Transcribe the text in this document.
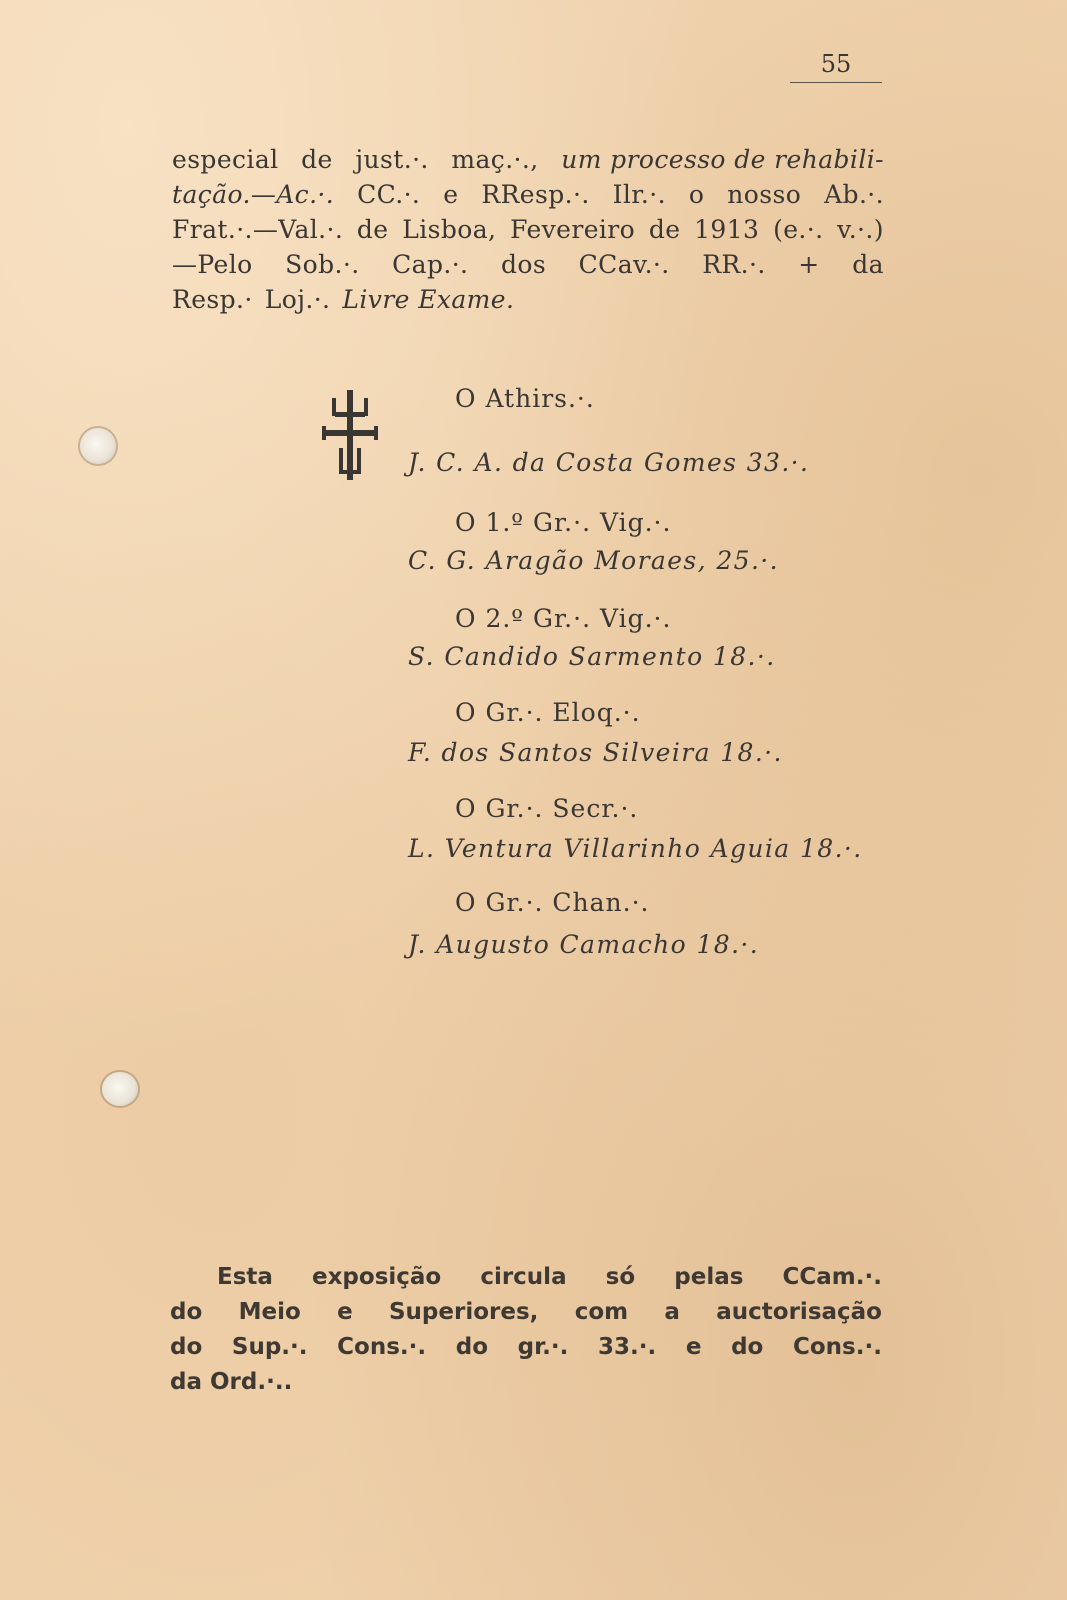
55
especial de just.·. maç.·., um processo de rehabili-
tação.—Ac.·. CC.·. e RResp.·. Ilr.·. o nosso Ab.·.
Frat.·.—Val.·. de Lisboa, Fevereiro de 1913 (e.·. v.·.)
—Pelo Sob.·. Cap.·. dos CCav.·. RR.·. + da
Resp.· Loj.·. Livre Exame.
O Athirs.·.
J. C. A. da Costa Gomes 33.·.
O 1.º Gr.·. Vig.·.
C. G. Aragão Moraes, 25.·.
O 2.º Gr.·. Vig.·.
S. Candido Sarmento 18.·.
O Gr.·. Eloq.·.
F. dos Santos Silveira 18.·.
O Gr.·. Secr.·.
L. Ventura Villarinho Aguia 18.·.
O Gr.·. Chan.·.
J. Augusto Camacho 18.·.
Esta exposição circula só pelas CCam.·.
do Meio e Superiores, com a auctorisação
do Sup.·. Cons.·. do gr.·. 33.·. e do Cons.·.
da Ord.·..
